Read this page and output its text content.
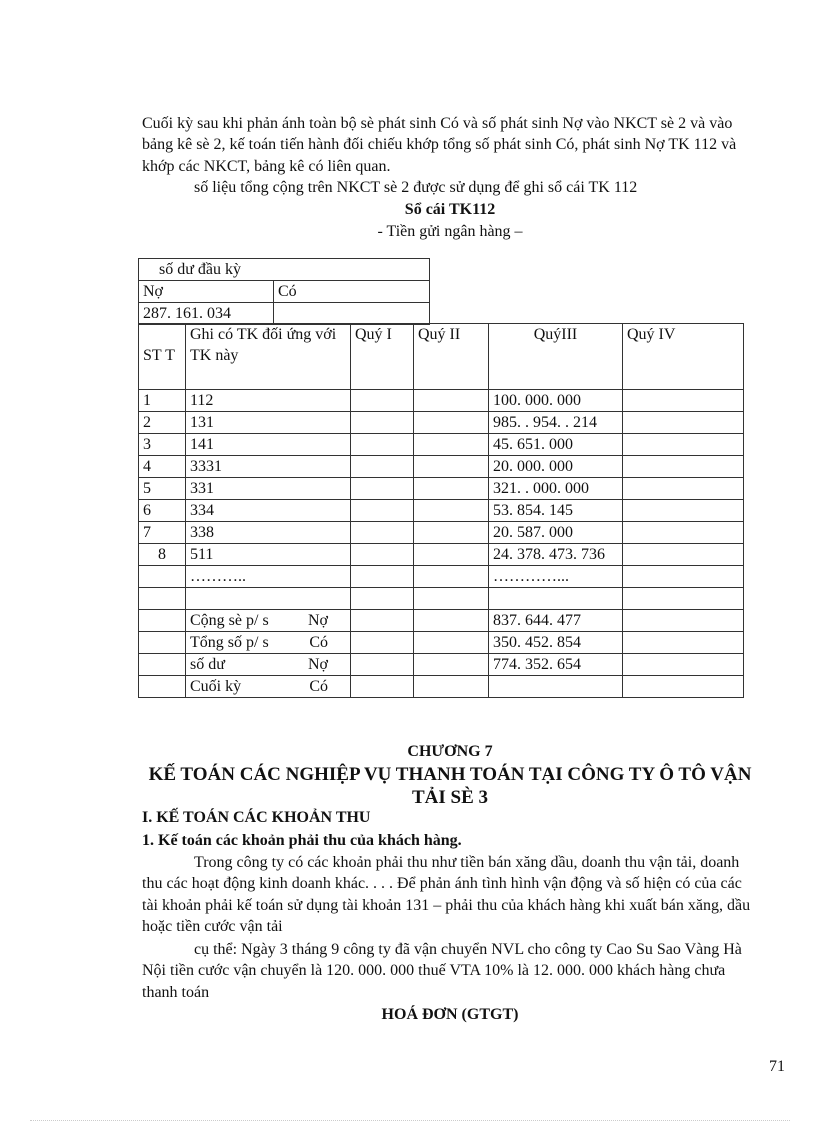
Cuối kỳ sau khi phản ánh toàn bộ sè phát sinh Có và số phát sinh Nợ vào NKCT sè 2 và vào bảng kê sè 2, kế toán tiến hành đối chiếu khớp tổng số phát sinh Có, phát sinh Nợ TK 112 và khớp các NKCT, bảng kê có liên quan.
số liệu tổng cộng trên NKCT sè 2 được sử dụng để ghi sổ cái TK 112
Sổ cái TK112
- Tiền gửi ngân hàng –
số dư đầu kỳ	
Nợ	Có
287. 161. 034	

ST T	Ghi có TK đối ứng với TK này	Quý I	Quý II	QuýIII	Quý IV
1	112			100. 000. 000	
2	131			985. . 954. . 214	
3	141			45. 651. 000	
4	3331			20. 000. 000	
5	331			321. . 000. 000	
6	334			53. 854. 145	
7	338			20. 587. 000	
8	511			24. 378. 473. 736	
	………..			…………...	

	Cộng sè p/ s Nợ			837. 644. 477	
	Tổng số p/ s Có			350. 452. 854	
	số dư Nợ			774. 352. 654	
	Cuối kỳ Có				

CHƯƠNG 7
KẾ TOÁN CÁC NGHIỆP VỤ THANH TOÁN TẠI CÔNG TY Ô TÔ VẬN TẢI SÈ 3
I. KẾ TOÁN CÁC KHOẢN THU
1. Kế toán các khoản phải thu của khách hàng.
Trong công ty có các khoản phải thu như tiền bán xăng dầu, doanh thu vận tải, doanh thu các hoạt động kinh doanh khác. . . . Để phản ánh tình hình vận động và số hiện có của các tài khoản phải kế toán sử dụng tài khoản 131 – phải thu của khách hàng khi xuất bán xăng, dầu hoặc tiền cước vận tải
cụ thể: Ngày 3 tháng 9 công ty đã vận chuyển NVL cho công ty Cao Su Sao Vàng Hà Nội tiền cước vận chuyển là 120. 000. 000 thuế VTA 10% là 12. 000. 000 khách hàng chưa thanh toán
HOÁ ĐƠN (GTGT)
71
